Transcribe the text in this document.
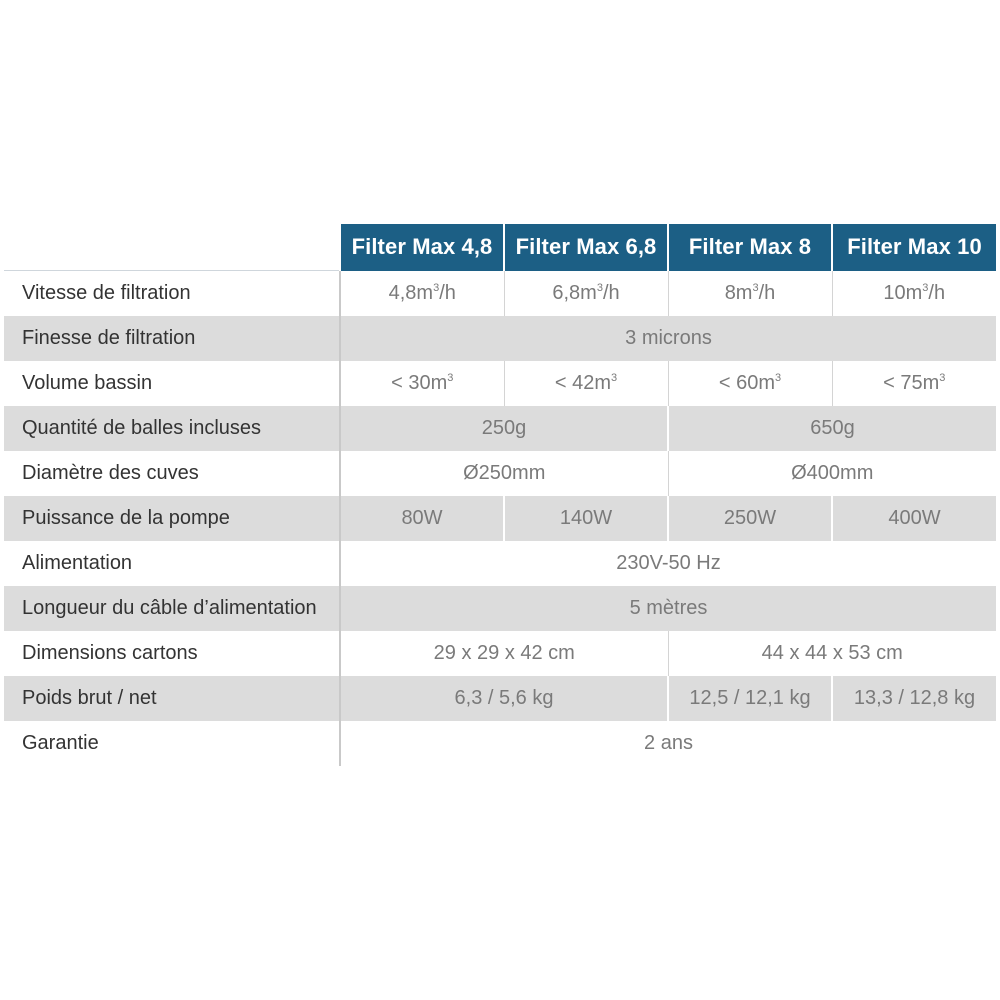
	Filter Max 4,8	Filter Max 6,8	Filter Max 8	Filter Max 10
Vitesse de filtration	$4,8m^3/h$	$6,8m^3/h$	$8m^3/h$	$10m^3/h$
Finesse de filtration	3 microns			
Volume bassin	< $30m^3$	< $42m^3$	< $60m^3$	< $75m^3$
Quantité de balles incluses	250g		650g	
Diamètre des cuves	Ø250mm		Ø400mm	
Puissance de la pompe	80W	140W	250W	400W
Alimentation	230V-50 Hz			
Longueur du câble d’alimentation	5 mètres			
Dimensions cartons	29 x 29 x 42 cm		44 x 44 x 53 cm	
Poids brut / net	6,3 / 5,6 kg		12,5 / 12,1 kg	13,3 / 12,8 kg
Garantie	2 ans			
